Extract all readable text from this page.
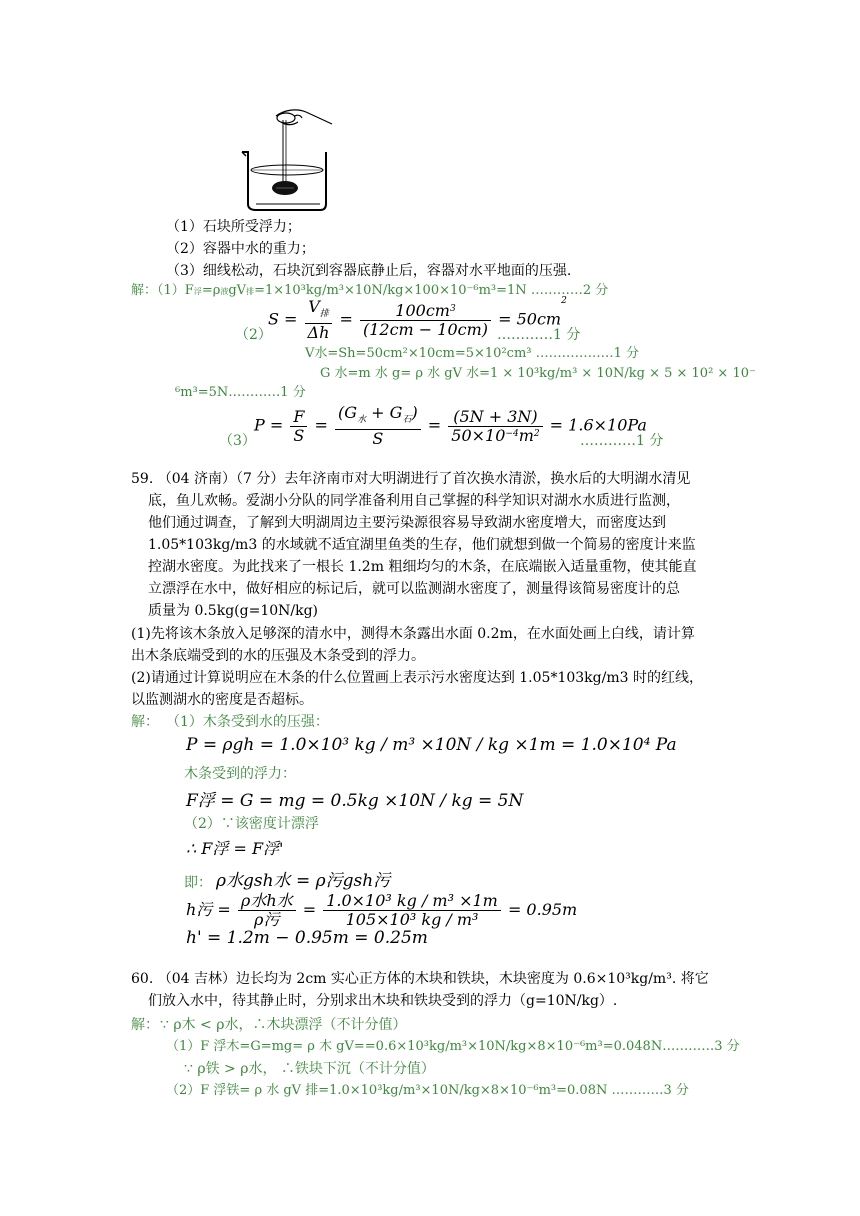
（1）石块所受浮力；
（2）容器中水的重力；
（3）细线松动，石块沉到容器底静止后，容器对水平地面的压强.
解：（1）F浮=ρ液gV排=1×10³kg/m³×10N/kg×100×10⁻⁶m³=1N …………2 分
（2）
$S = \frac{V_排}{\Delta h} = \frac{100cm^3}{(12cm - 10cm)} = 50cm^2$
…………1 分
V水=Sh=50cm²×10cm=5×10²cm³ ………………1 分
G 水=m 水 g= ρ 水 gV 水=1 × 10³kg/m³ × 10N/kg × 5 × 10² × 10⁻
⁶m³=5N…………1 分
（3）
$P = \frac{F}{S} = \frac{(G_水 + G_石)}{S} = \frac{(5N + 3N)}{50\times 10^{-4}m^2} = 1.6\times 10Pa$
…………1 分
59. （04 济南）（7 分）去年济南市对大明湖进行了首次换水清淤，换水后的大明湖水清见
底，鱼儿欢畅。爱湖小分队的同学准备利用自己掌握的科学知识对湖水水质进行监测，
他们通过调查，了解到大明湖周边主要污染源很容易导致湖水密度增大，而密度达到
1.05*103kg/m3 的水域就不适宜湖里鱼类的生存，他们就想到做一个简易的密度计来监
控湖水密度。为此找来了一根长 1.2m 粗细均匀的木条，在底端嵌入适量重物，使其能直
立漂浮在水中，做好相应的标记后，就可以监测湖水密度了，测量得该简易密度计的总
质量为 0.5kg(g=10N/kg)
(1)先将该木条放入足够深的清水中，测得木条露出水面 0.2m，在水面处画上白线，请计算
出木条底端受到的水的压强及木条受到的浮力。
(2)请通过计算说明应在木条的什么位置画上表示污水密度达到 1.05*103kg/m3 时的红线，
以监测湖水的密度是否超标。
解： （1）木条受到水的压强：
P = ρgh = 1.0×10³ kg / m³ ×10N / kg ×1m = 1.0×10⁴ Pa
木条受到的浮力：
F浮 = G = mg = 0.5kg ×10N / kg = 5N
（2）∵该密度计漂浮
∴ F浮 = F浮'
即： ρ水gsh水 = ρ污gsh污
h污 = $\frac{\text{ρ水h水}}{\text{ρ污}} = \frac{\text{1.0×10³ kg / m³ ×1m}}{\text{105×10³ kg / m³}} = 0.95m$
h' = 1.2m − 0.95m = 0.25m
60. （04 吉林）边长均为 2cm 实心正方体的木块和铁块，木块密度为 0.6×10³kg/m³. 将它
们放入水中，待其静止时，分别求出木块和铁块受到的浮力（g=10N/kg）.
解： ∵ ρ木 < ρ水，∴木块漂浮（不计分值）
（1）F 浮木=G=mg= ρ 木 gV==0.6×10³kg/m³×10N/kg×8×10⁻⁶m³=0.048N…………3 分
∵ ρ铁 > ρ水， ∴铁块下沉（不计分值）
（2）F 浮铁= ρ 水 gV 排=1.0×10³kg/m³×10N/kg×8×10⁻⁶m³=0.08N …………3 分
